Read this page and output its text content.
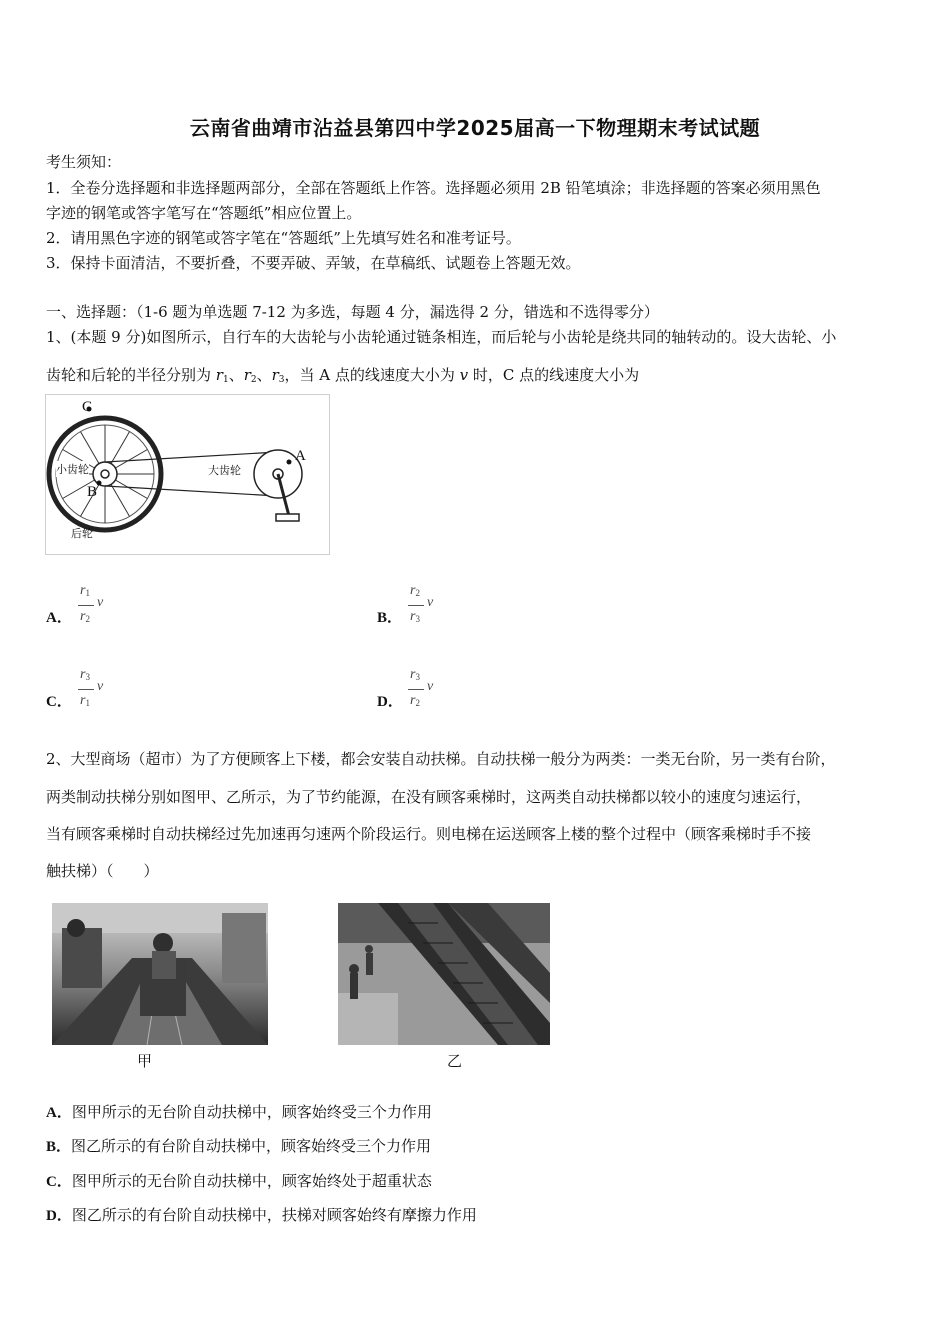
云南省曲靖市沾益县第四中学2025届高一下物理期末考试试题
考生须知：
1．全卷分选择题和非选择题两部分，全部在答题纸上作答。选择题必须用 2B 铅笔填涂；非选择题的答案必须用黑色
字迹的钢笔或答字笔写在“答题纸”相应位置上。
2．请用黑色字迹的钢笔或答字笔在“答题纸”上先填写姓名和准考证号。
3．保持卡面清洁，不要折叠，不要弄破、弄皱，在草稿纸、试题卷上答题无效。
一、选择题：（1-6 题为单选题 7-12 为多选，每题 4 分，漏选得 2 分，错选和不选得零分）
1、(本题 9 分)如图所示，自行车的大齿轮与小齿轮通过链条相连，而后轮与小齿轮是绕共同的轴转动的。设大齿轮、小
齿轮和后轮的半径分别为 $r_1$、$r_2$、$r_3$，当 A 点的线速度大小为 v 时，C 点的线速度大小为
C
A
B
小齿轮	大齿轮
后轮
A．
$r_1$
$r_2$
v
B．
$r_2$
$r_3$
v
C．
$r_3$
$r_1$
v
D．
$r_3$
$r_2$
v
2、大型商场（超市）为了方便顾客上下楼，都会安装自动扶梯。自动扶梯一般分为两类：一类无台阶，另一类有台阶，
两类制动扶梯分别如图甲、乙所示，为了节约能源，在没有顾客乘梯时，这两类自动扶梯都以较小的速度匀速运行，
当有顾客乘梯时自动扶梯经过先加速再匀速两个阶段运行。则电梯在运送顾客上楼的整个过程中（顾客乘梯时手不接
触扶梯）（　　）
甲	乙
A．图甲所示的无台阶自动扶梯中，顾客始终受三个力作用
B．图乙所示的有台阶自动扶梯中，顾客始终受三个力作用
C．图甲所示的无台阶自动扶梯中，顾客始终处于超重状态
D．图乙所示的有台阶自动扶梯中，扶梯对顾客始终有摩擦力作用
